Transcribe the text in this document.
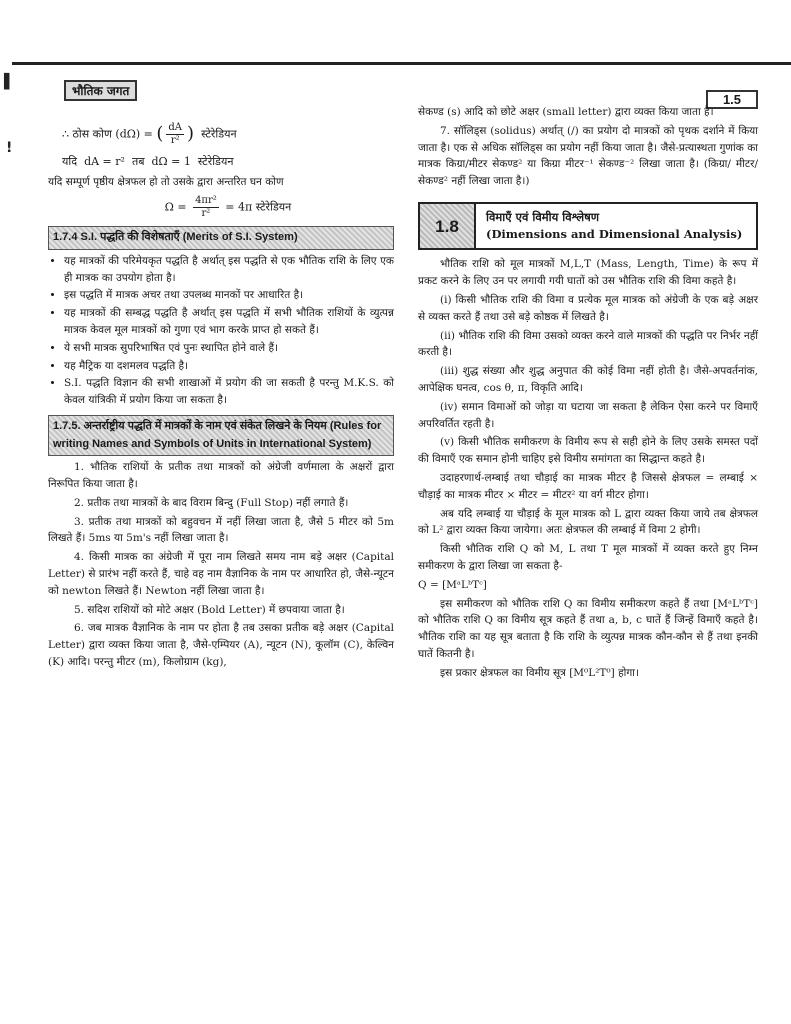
▌
!
भौतिक जगत
1.5
∴ ठोस कोण (dΩ) = ( $\frac{dA}{\text{r²}}$ ) स्टेरेडियन
यदि dA = r² तब dΩ = 1 स्टेरेडियन

यदि सम्पूर्ण पृष्ठीय क्षेत्रफल हो तो उसके द्वारा अन्तरित घन कोण

$\Omega = \frac{\text{4πr²}}{\text{r²}} = 4\pi$ स्टेरेडियन
1.7.4 S.I. पद्धति की विशेषताएँ (Merits of S.I. System)
• यह मात्रकों की परिमेयकृत पद्धति है अर्थात् इस पद्धति से एक भौतिक राशि के लिए एक ही मात्रक का उपयोग होता है।
• इस पद्धति में मात्रक अचर तथा उपलब्ध मानकों पर आधारित है।
• यह मात्रकों की सम्बद्ध पद्धति है अर्थात् इस पद्धति में सभी भौतिक राशियों के व्युत्पन्न मात्रक केवल मूल मात्रकों को गुणा एवं भाग करके प्राप्त हो सकते हैं।
• ये सभी मात्रक सुपरिभाषित एवं पुनः स्थापित होने वाले हैं।
• यह मैट्रिक या दशमलव पद्धति है।
• S.I. पद्धति विज्ञान की सभी शाखाओं में प्रयोग की जा सकती है परन्तु M.K.S. को केवल यांत्रिकी में प्रयोग किया जा सकता है।
1.7.5. अन्तर्राष्ट्रीय पद्धति में मात्रकों के नाम एवं संकेत लिखने के नियम (Rules for writing Names and Symbols of Units in International System)

1. भौतिक राशियों के प्रतीक तथा मात्रकों को अंग्रेजी वर्णमाला के अक्षरों द्वारा निरूपित किया जाता है।

2. प्रतीक तथा मात्रकों के बाद विराम बिन्दु (Full Stop) नहीं लगाते हैं।

3. प्रतीक तथा मात्रकों को बहुवचन में नहीं लिखा जाता है, जैसे 5 मीटर को 5m लिखते हैं। 5ms या 5m's नहीं लिखा जाता है।

4. किसी मात्रक का अंग्रेजी में पूरा नाम लिखते समय नाम बड़े अक्षर (Capital Letter) से प्रारंभ नहीं करते हैं, चाहे वह नाम वैज्ञानिक के नाम पर आधारित हो, जैसे-न्यूटन को newton लिखते हैं। Newton नहीं लिखा जाता है।

5. सदिश राशियों को मोटे अक्षर (Bold Letter) में छपवाया जाता है।

6. जब मात्रक वैज्ञानिक के नाम पर होता है तब उसका प्रतीक बड़े अक्षर (Capital Letter) द्वारा व्यक्त किया जाता है, जैसे-एम्पियर (A), न्यूटन (N), कूलॉम (C), केल्विन (K) आदि। परन्तु मीटर (m), किलोग्राम (kg),

सेकण्ड (s) आदि को छोटे अक्षर (small letter) द्वारा व्यक्त किया जाता है।

7. सॉलिड्स (solidus) अर्थात् (/) का प्रयोग दो मात्रकों को पृथक दर्शाने में किया जाता है। एक से अधिक सॉलिड्स का प्रयोग नहीं किया जाता है। जैसे-प्रत्यास्थता गुणांक का मात्रक किग्रा/मीटर सेकण्ड² या किग्रा मीटर⁻¹ सेकण्ड⁻² लिखा जाता है। (किग्रा/ मीटर/ सेकण्ड² नहीं लिखा जाता है।)

1.8	विमाएँ एवं विमीय विश्लेषण
(Dimensions and Dimensional Analysis)

भौतिक राशि को मूल मात्रकों M,L,T (Mass, Length, Time) के रूप में प्रकट करने के लिए उन पर लगायी गयी घातों को उस भौतिक राशि की विमा कहते है।

(i) किसी भौतिक राशि की विमा व प्रत्येक मूल मात्रक को अंग्रेजी के एक बड़े अक्षर से व्यक्त करते हैं तथा उसे बड़े कोष्ठक में लिखते है।

(ii) भौतिक राशि की विमा उसको व्यक्त करने वाले मात्रकों की पद्धति पर निर्भर नहीं करती है।

(iii) शुद्ध संख्या और शुद्ध अनुपात की कोई विमा नहीं होती है। जैसे-अपवर्तनांक, आपेक्षिक घनत्व, cos θ, π, विकृति आदि।

(iv) समान विमाओं को जोड़ा या घटाया जा सकता है लेकिन ऐसा करने पर विमाएँ अपरिवर्तित रहती है।

(v) किसी भौतिक समीकरण के विमीय रूप से सही होने के लिए उसके समस्त पदों की विमाएँ एक समान होनी चाहिए इसे विमीय समांगता का सिद्धान्त कहते है।

उदाहरणार्थ-लम्बाई तथा चौड़ाई का मात्रक मीटर है जिससे क्षेत्रफल = लम्बाई × चौड़ाई का मात्रक मीटर × मीटर = मीटर² या वर्ग मीटर होगा।

अब यदि लम्बाई या चौड़ाई के मूल मात्रक को L द्वारा व्यक्त किया जाये तब क्षेत्रफल को L² द्वारा व्यक्त किया जायेगा। अतः क्षेत्रफल की लम्बाई में विमा 2 होगी।

किसी भौतिक राशि Q को M, L तथा T मूल मात्रकों में व्यक्त करते हुए निम्न समीकरण के द्वारा लिखा जा सकता है-

Q = [MᵃLᵇTᶜ]

इस समीकरण को भौतिक राशि Q का विमीय समीकरण कहते हैं तथा [MᵃLᵇTᶜ] को भौतिक राशि Q का विमीय सूत्र कहते हैं तथा a, b, c घातें हैं जिन्हें विमाएँ कहते है। भौतिक राशि का यह सूत्र बताता है कि राशि के व्युत्पन्न मात्रक कौन-कौन से हैं तथा इनकी घातें कितनी है।

इस प्रकार क्षेत्रफल का विमीय सूत्र [M⁰L²T⁰] होगा।
